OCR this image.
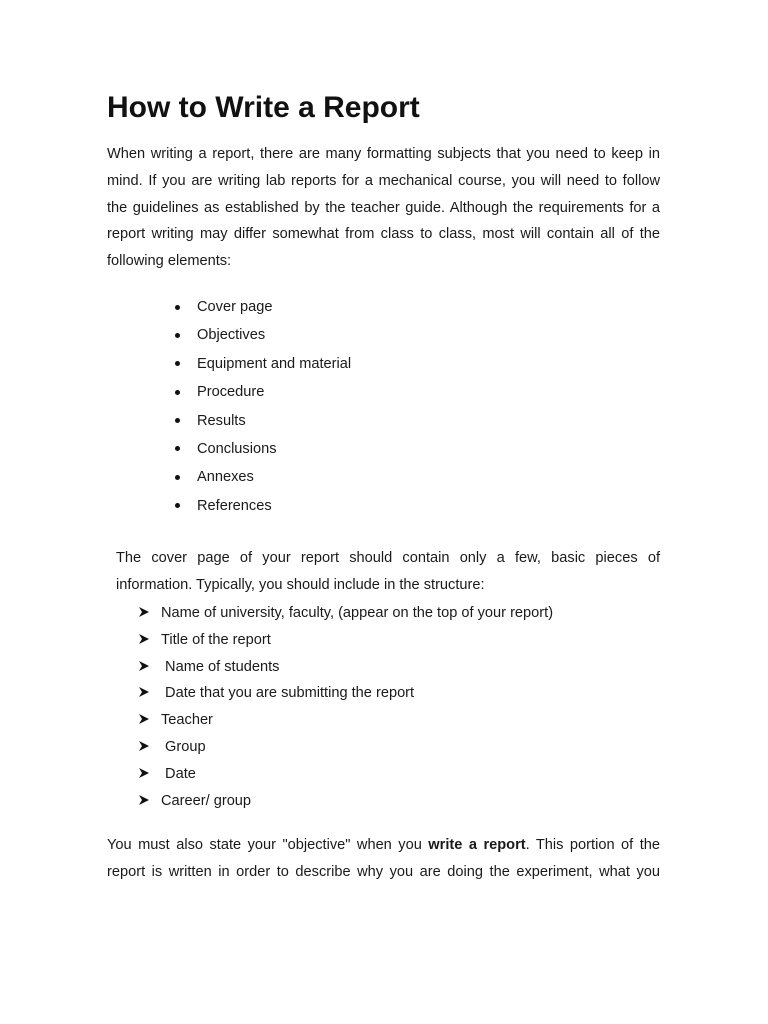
How to Write a Report

When writing a report, there are many formatting subjects that you need to keep in
mind. If you are writing lab reports for a mechanical course, you will need to follow
the guidelines as established by the teacher guide. Although the requirements for a
report writing may differ somewhat from class to class, most will contain all of the
following elements:

Cover page
Objectives
Equipment and material
Procedure
Results
Conclusions
Annexes
References

The cover page of your report should contain only a few, basic pieces of
information. Typically, you should include in the structure:

Name of university, faculty, (appear on the top of your report)
Title of the report
Name of students
Date that you are submitting the report
Teacher
Group
Date
Career/ group

You must also state your "objective" when you write a report. This portion of the
report is written in order to describe why you are doing the experiment, what you
